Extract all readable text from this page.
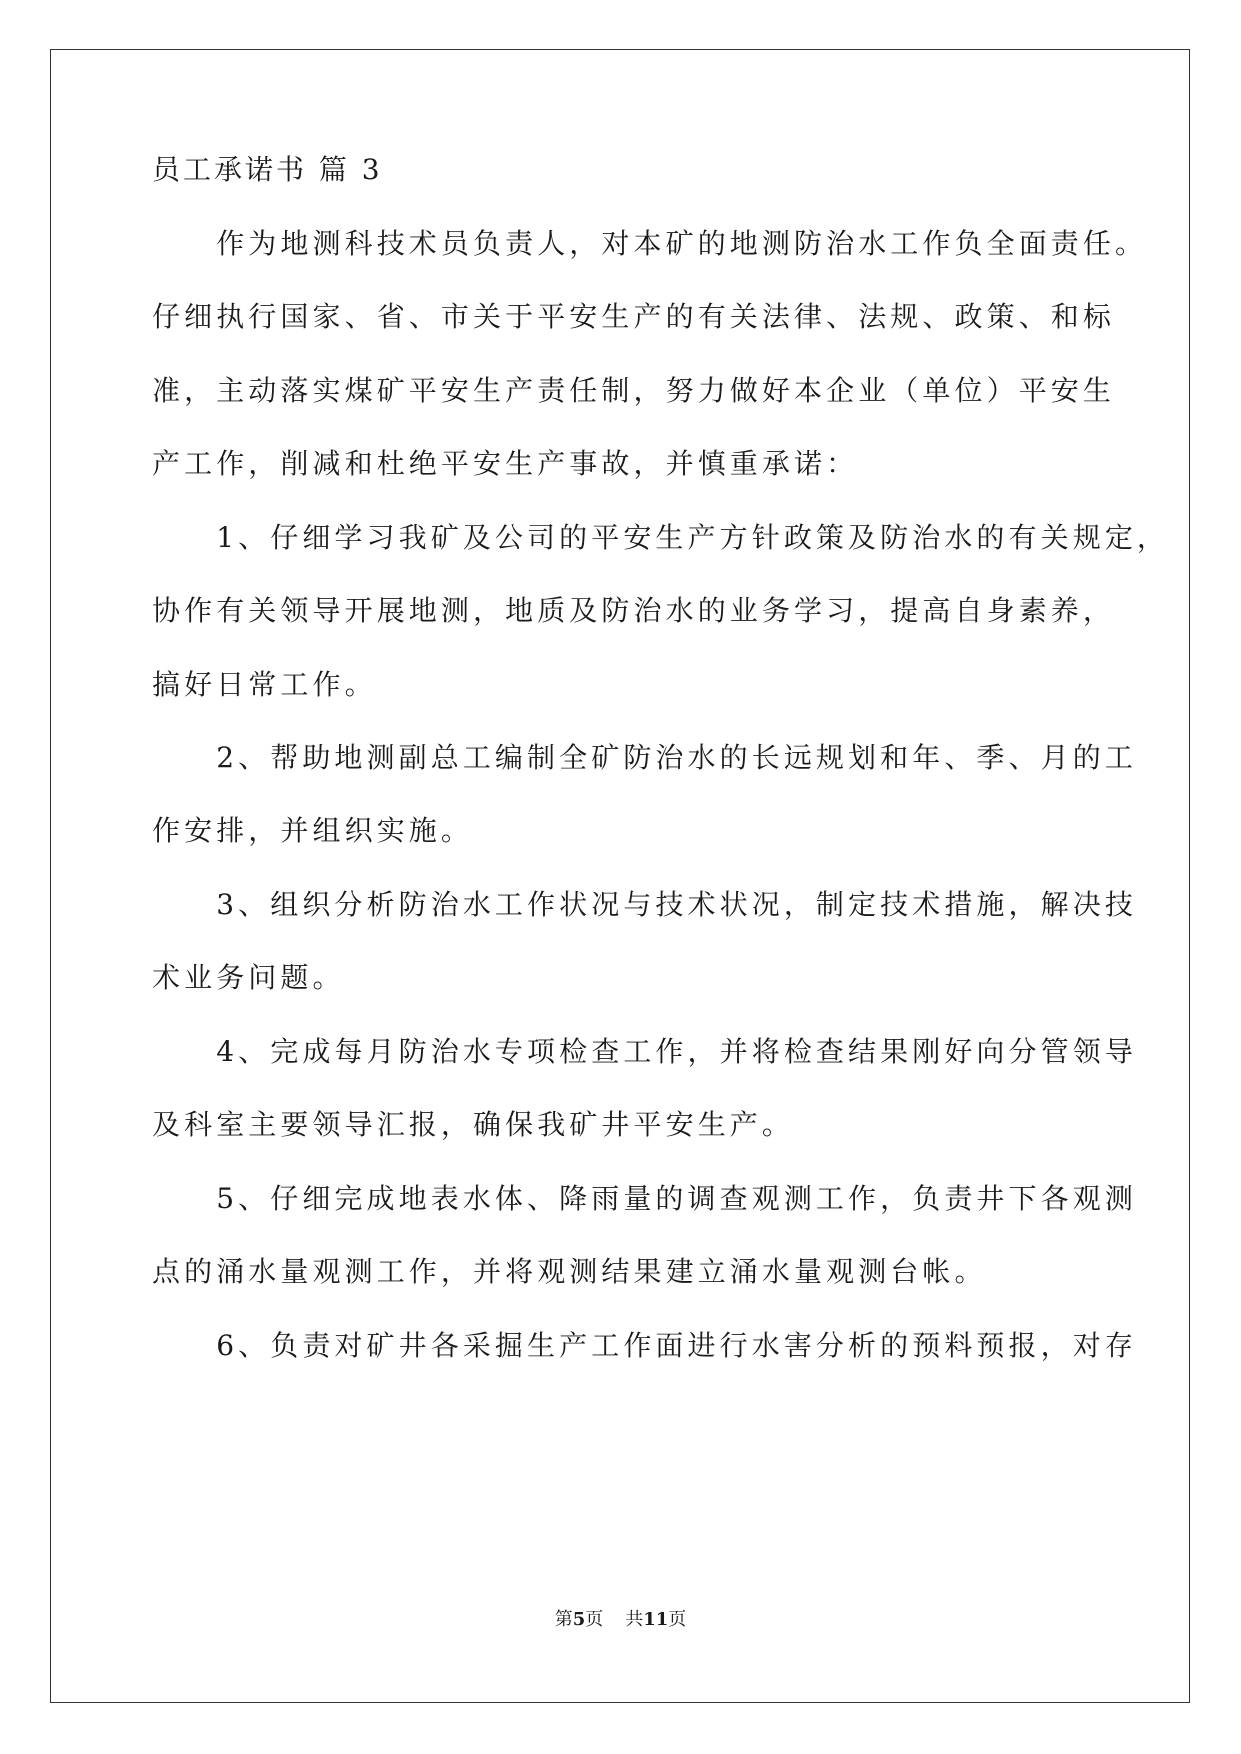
员工承诺书 篇 3
　　作为地测科技术员负责人，对本矿的地测防治水工作负全面责任。
仔细执行国家、省、市关于平安生产的有关法律、法规、政策、和标
准，主动落实煤矿平安生产责任制，努力做好本企业（单位）平安生
产工作，削减和杜绝平安生产事故，并慎重承诺：
　　1、仔细学习我矿及公司的平安生产方针政策及防治水的有关规定，
协作有关领导开展地测，地质及防治水的业务学习，提高自身素养，
搞好日常工作。
　　2、帮助地测副总工编制全矿防治水的长远规划和年、季、月的工
作安排，并组织实施。
　　3、组织分析防治水工作状况与技术状况，制定技术措施，解决技
术业务问题。
　　4、完成每月防治水专项检查工作，并将检查结果刚好向分管领导
及科室主要领导汇报，确保我矿井平安生产。
　　5、仔细完成地表水体、降雨量的调查观测工作，负责井下各观测
点的涌水量观测工作，并将观测结果建立涌水量观测台帐。
　　6、负责对矿井各采掘生产工作面进行水害分析的预料预报，对存
第5页 共11页
